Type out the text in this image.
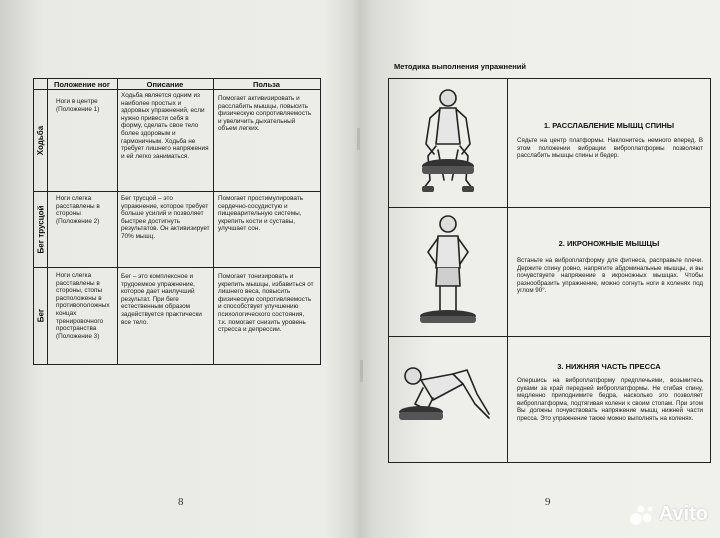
Положение ног	Описание	Польза
Ходьба
Ноги в центре (Положение 1)
Ходьба является одним из наиболее простых и здоровых упражнений, если нужно привести себя в форму, сделать свое тело более здоровым и гармоничным. Ходьба не требует лишнего напряжения и ей легко заниматься.
Помогает активизировать и расслабить мышцы, повысить физическую сопротивляемость и увеличить дыхательный объем легких.
Бег трусцой
Ноги слегка расставлены в стороны (Положение 2)
Бег трусцой – это упражнение, которое требует больше усилий и позволяет быстрее достигнуть результатов. Он активизирует 70% мышц.
Помогает простимулировать сердечно-сосудистую и пищеварительную системы, укрепить кости и суставы, улучшает сон.
Бег
Ноги слегка расставлены в стороны, стопы расположены в противоположных концах тренировочного пространства (Положение 3)
Бег – это комплексное и трудоемкое упражнение, которое дает наилучший результат. При беге естественным образом задействуется практически все тело.
Помогает тонизировать и укрепить мышцы, избавиться от лишнего веса, повысить физическую сопротивляемость и способствует улучшению психологического состояния, т.к. помогает снизить уровень стресса и депрессии.
8
Методика выполнения упражнений
1. РАССЛАБЛЕНИЕ МЫШЦ СПИНЫ
Сядьте на центр платформы. Наклонитесь немного вперед. В этом положении вибрации виброплатформы позволяют расслабить мышцы спины и бедер.
2. ИКРОНОЖНЫЕ МЫШЦЫ
Встаньте на виброплатформу для фитнеса, расправьте плечи. Держите спину ровно, напрягите абдоминальные мышцы, и вы почувствуете напряжение в икроножных мышцах. Чтобы разнообразить упражнение, можно согнуть ноги в коленях под углом 90°.
3. НИЖНЯЯ ЧАСТЬ ПРЕССА
Опершись на виброплатформу предплечьями, возьмитесь руками за край передней виброплатформы. Не сгибая спину, медленно приподнимите бедра, насколько это позволяет виброплатформа, подтягивая колени к своим стопам. При этом Вы должны почувствовать напряжение мышц нижней части пресса. Это упражнение также можно выполнять на коленях.
9
Avito
